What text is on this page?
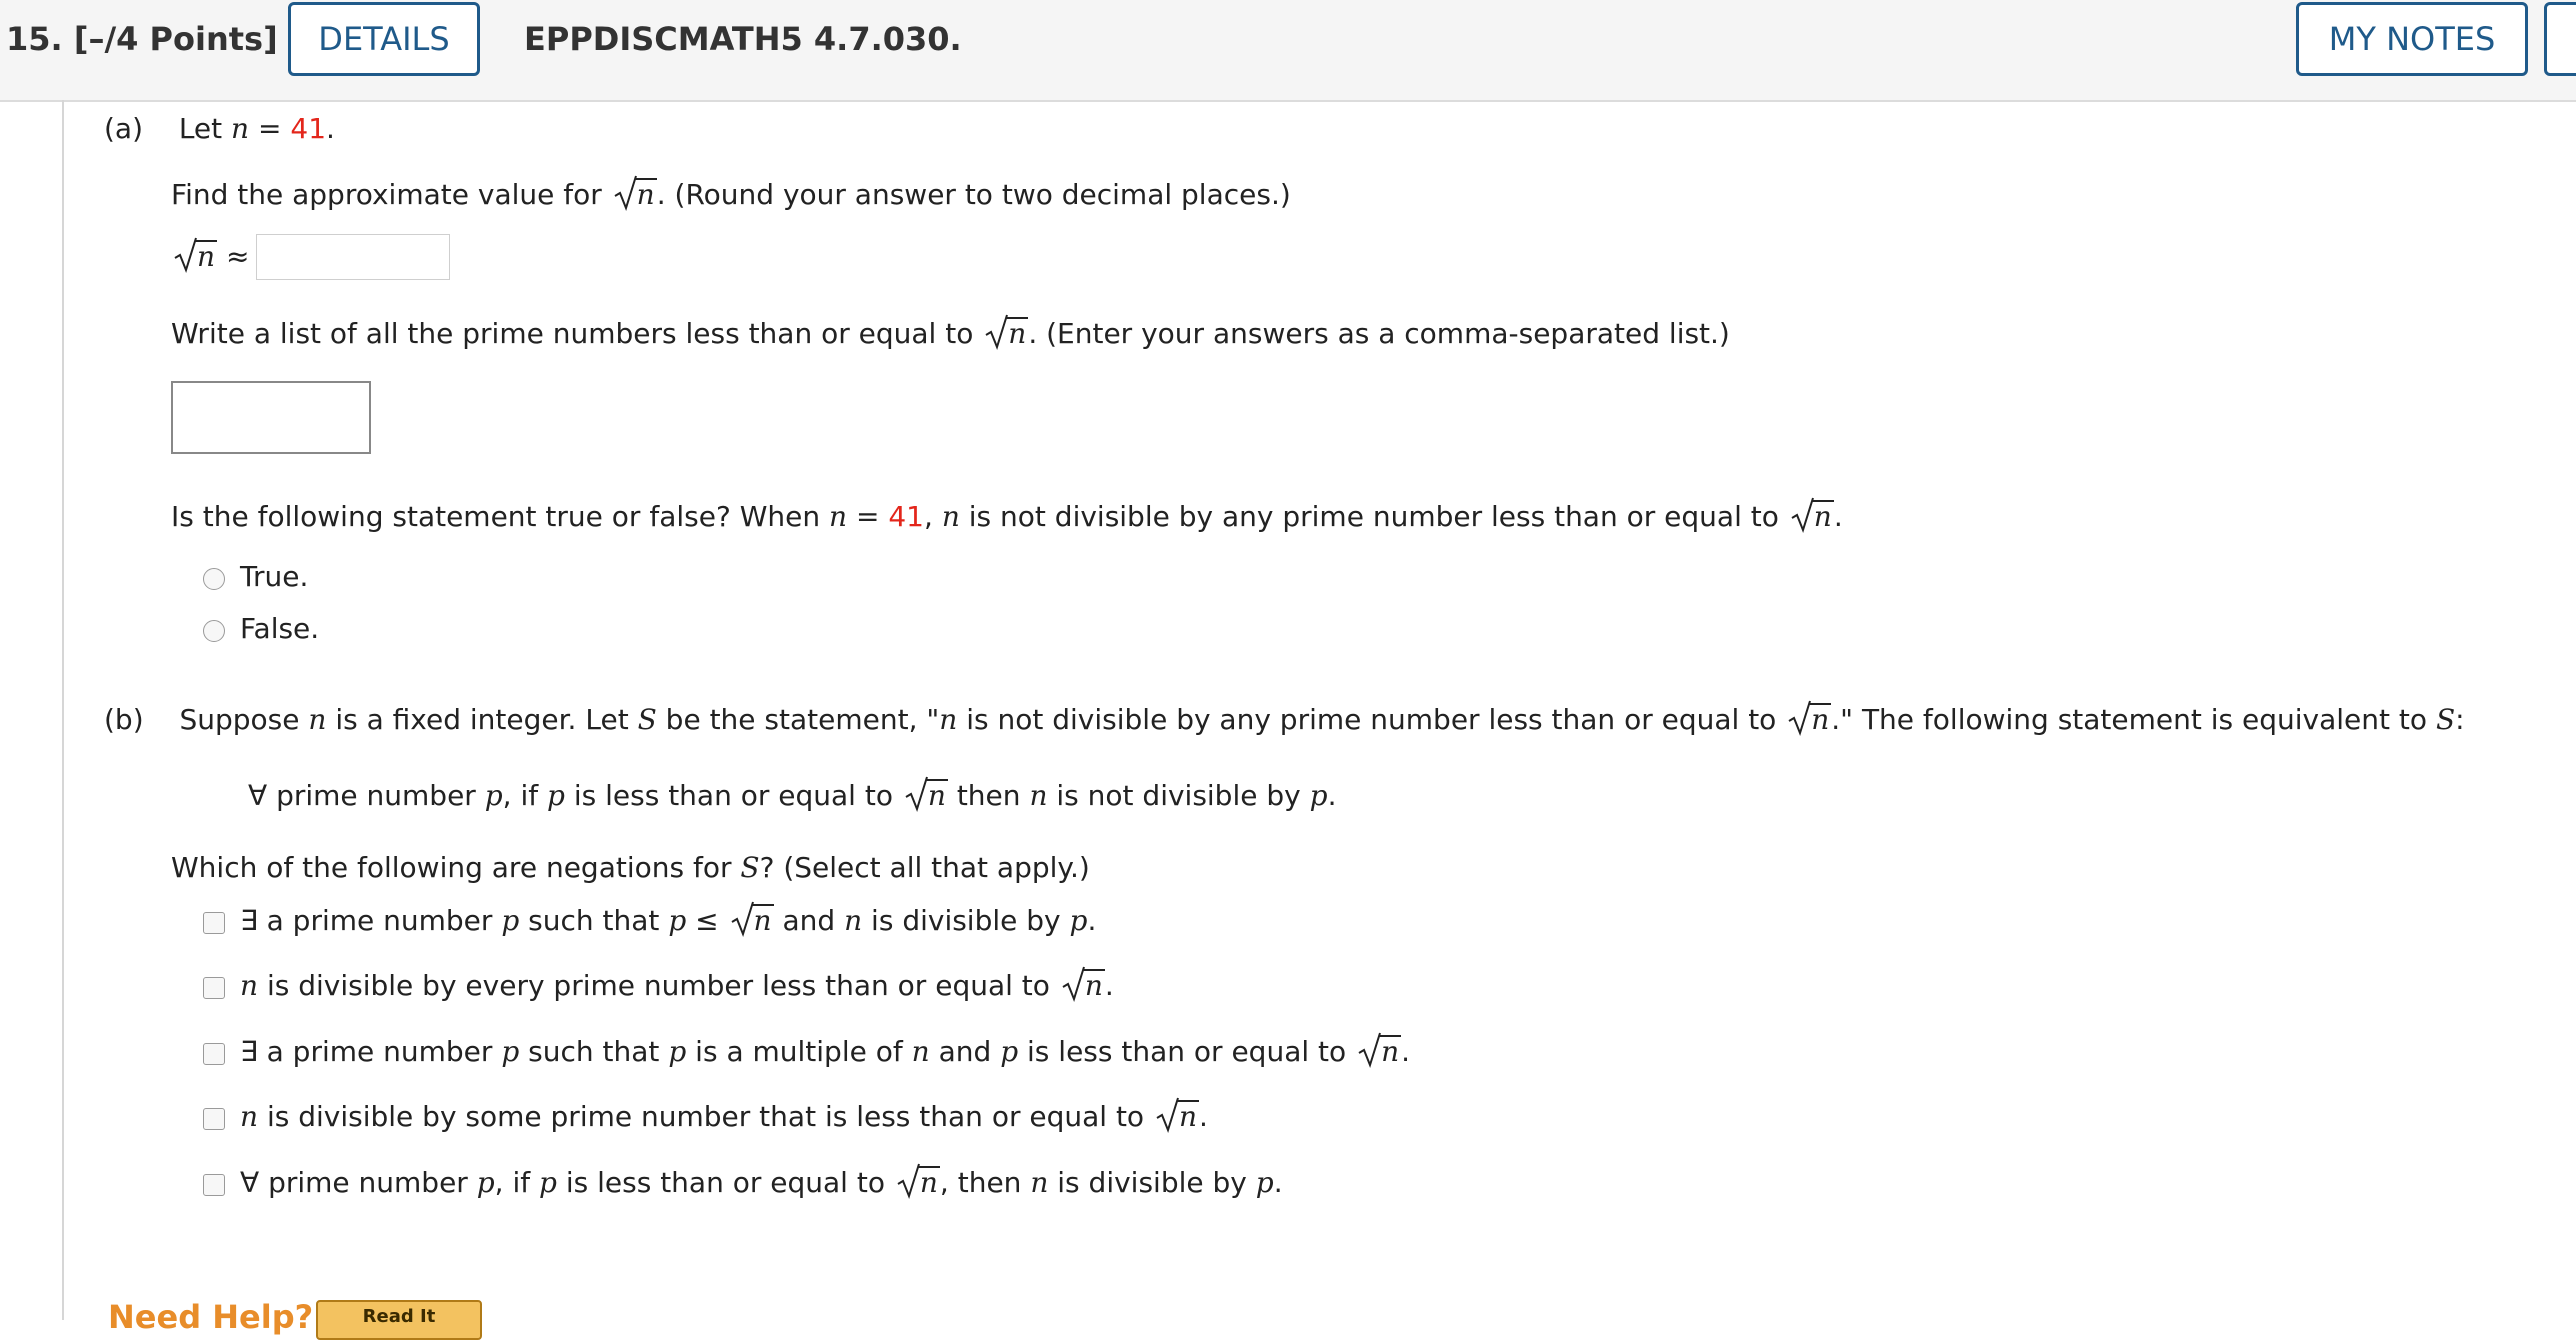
15. [–/4 Points]	DETAILS	EPPDISCMATH5 4.7.030.	MY NOTES
(a) Let n = 41.
Find the approximate value for n. (Round your answer to two decimal places.)
n ≈
Write a list of all the prime numbers less than or equal to n. (Enter your answers as a comma-separated list.)
Is the following statement true or false? When n = 41, n is not divisible by any prime number less than or equal to n.
True.
False.
(b) Suppose n is a fixed integer. Let S be the statement, "n is not divisible by any prime number less than or equal to n." The following statement is equivalent to S:
∀ prime number p, if p is less than or equal to n then n is not divisible by p.
Which of the following are negations for S? (Select all that apply.)
∃ a prime number p such that p ≤ n and n is divisible by p.
n is divisible by every prime number less than or equal to n.
∃ a prime number p such that p is a multiple of n and p is less than or equal to n.
n is divisible by some prime number that is less than or equal to n.
∀ prime number p, if p is less than or equal to n, then n is divisible by p.
Need Help?	Read It
